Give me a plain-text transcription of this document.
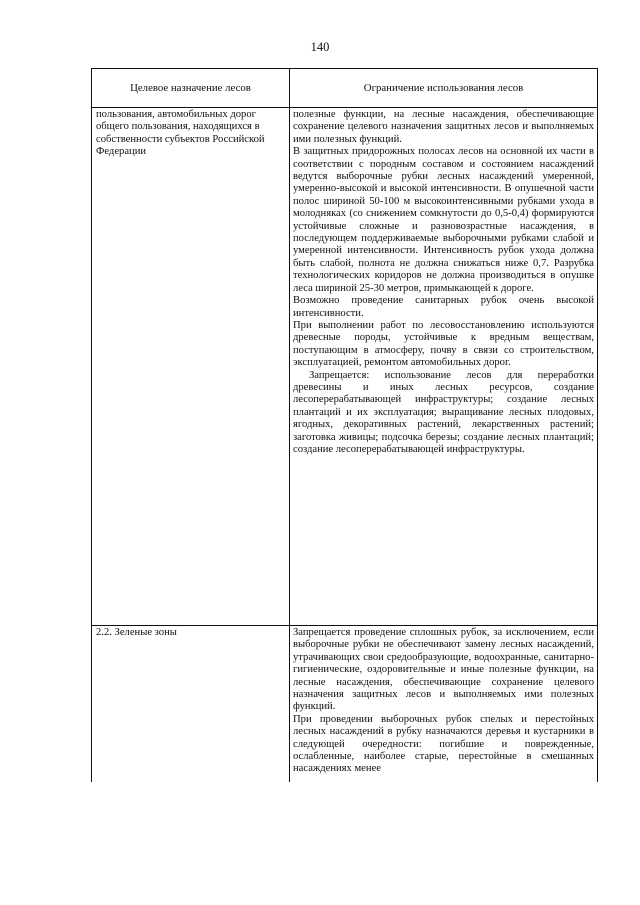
140
Целевое назначение лесов	Ограничение использования лесов

пользования, автомобильных дорог общего пользования, находящихся в собственности субъектов Российской Федерации	полезные функции, на лесные насаждения, обеспечивающие сохранение целевого назначения защитных лесов и выполняемых ими полезных функций.

В защитных придорожных полосах лесов на основной их части в соответствии с породным составом и состоянием насаждений ведутся выборочные рубки лесных насаждений умеренной, умеренно-высокой и высокой интенсивности. В опушечной части полос шириной 50-100 м высокоинтенсивными рубками ухода в молодняках (со снижением сомкнутости до 0,5-0,4) формируются устойчивые сложные и разновозрастные насаждения, в последующем поддерживаемые выборочными рубками слабой и умеренной интенсивности. Интенсивность рубок ухода должна быть слабой, полнота не должна снижаться ниже 0,7. Разрубка технологических коридоров не должна производиться в опушке леса шириной 25-30 метров, примыкающей к дороге.

Возможно проведение санитарных рубок очень высокой интенсивности.

При выполнении работ по лесовосстановлению используются древесные породы, устойчивые к вредным веществам, поступающим в атмосферу, почву в связи со строительством, эксплуатацией, ремонтом автомобильных дорог.

Запрещается: использование лесов для переработки древесины и иных лесных ресурсов, создание лесоперерабатывающей инфраструктуры; создание лесных плантаций и их эксплуатация; выращивание лесных плодовых, ягодных, декоративных растений, лекарственных растений; заготовка живицы; подсочка березы; создание лесных плантаций; создание лесоперерабатывающей инфраструктуры.

2.2. Зеленые зоны	Запрещается проведение сплошных рубок, за исключением, если выборочные рубки не обеспечивают замену лесных насаждений, утрачивающих свои средообразующие, водоохранные, санитарно-гигиенические, оздоровительные и иные полезные функции, на лесные насаждения, обеспечивающие сохранение целевого назначения защитных лесов и выполняемых ими полезных функций.

При проведении выборочных рубок спелых и перестойных лесных насаждений в рубку назначаются деревья и кустарники в следующей очередности: погибшие и поврежденные, ослабленные, наиболее старые, перестойные в смешанных насаждениях менее
